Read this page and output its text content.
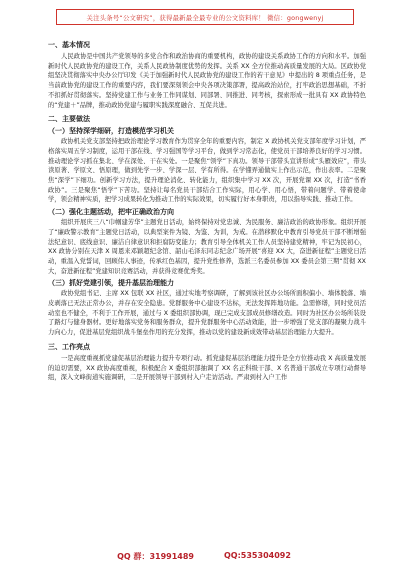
关注头条号“公文研究”，获得最新最全最专业的公文资料库！ 微信：gongwenyj
一、基本情况

人民政协是中国共产党领导的多党合作和政治协商的重要机构，政协的建设关系政协工作的方向和水平。加强新时代人民政协党的建设工作，关系人民政协制度优势的发挥。关系 XX 全方位推动高质量发展的大局。区政协党组坚决贯彻落实中央办公厅印发《关于加强新时代人民政协党的建设工作的若干意见》中提出的 8 项重点任务，是当前政协党的建设工作的重要内容，我们要深刻领会中央各项决策部署，提高政治站位，打牢政治思想基础，不折不扣抓好贯彻落实。坚持党建工作与业务工作同谋划、同部署、同推进、同考核，探索形成一批具有 XX 政协特色的“党建＋”品牌，推动政协党建与履职实践深度融合、互促共进。

二、主要做法
（一）坚持深学细研，打造模范学习机关

政协机关党支部坚持把政治理论学习教育作为贯穿全年的重要内容，制定 X 政协机关党支部年度学习计划，严格落实周五学习制度，运用干部在线、学习强国等学习平台，做到学习常态化，使党员干部培养良好的学习习惯。推动理论学习抓在集北、学在深处、干在实处。一是聚焦“领学”下真功。领导干部带头宣讲形成“头雁效应”，带头读原著、学原文、悟原理，做到先学一步、学深一层、学有所得。在学懂弄通做实上作出示范，作出表率。二是聚焦“深学”下细功。创新学习方法，提升理论消化、转化能力，组织集中学习 XX 次，开展党课 XX 次，打造“书香政协”。三是聚焦“悟学”下苦功。坚持让每名党员干部结合工作实际，用心学、用心悟，带着问题学、带着使命学，领会精神实质，把学习成果转化为推动工作的实际效果，切实履行好本身职责，用以指导实践、推动工作。

（二）强化主题活动，把牢正确政治方向

组织开展庆三八“巾帼建芳华”主题党日活动，始终保持对党忠诚、为民服务、廉洁政治的政协形象。组织开展了“廉政警示教育”主题党日活动，以典型案件为镜、为鉴、为训，为戒。在潜移默化中教育引导党员干部不断增强法纪意识、底线意识、廉洁自律意识和拒腐防变能力；教育引导全体机关工作人员坚持建党精神，牢记为民初心，XX 政协分别在天津 X 周恩来邓颖超纪念馆、韶山毛泽东同志纪念广场开展“喜迎 XX 大，奋进新征程”主题党日活动，重温入党誓词，回顾伟人事迹，传承红色基因，提升党性修养，选派三名委员参加 XX 委员会第三期“贯彻 XX 大，奋进新征程”党建知识竞赛活动，并获得竞赛优秀奖。

（三）抓好党建引领，提升基层治理能力

政协党组书记、主席 XX 包联 XX 社区，通过实地考察调研，了解到该社区办公场所面积偏小、墙体脱落、墙皮剥落已无法正常办公，并存在安全隐患。党群服务中心建设不达标，无法发挥阵地功能。急需修缮，同时党员活动室也不健全，不利于工作开展，通过与 X 委组织部协调，现已完成支部成员修缮改造。同时为社区办公场所装设了路灯与健身器材。更好地落实党务和服务群众，提升党群服务中心活动效能，进一步增强了党支部的凝聚力战斗力向心力，促进基层党组织战斗堡垒作用的充分发挥，推动以党的建设新成效带动基层治理能力大提升。

三、工作亮点

一是高度重视抓党建促基层治理能力提升专项行动。抓党建促基层治理能力提升是全方位推动我 X 高质量发展的迫切需要，XX 政协高度重视，积极配合 X 委组织部抽调了 XX 名正科级干部、X 名普通干部成立专项行动督导组，深入文峰街道实施调研，二是开展领导干部到村入户走访活动。严肃到村入户工作

QQ 群：31991489	QQ:535304092
